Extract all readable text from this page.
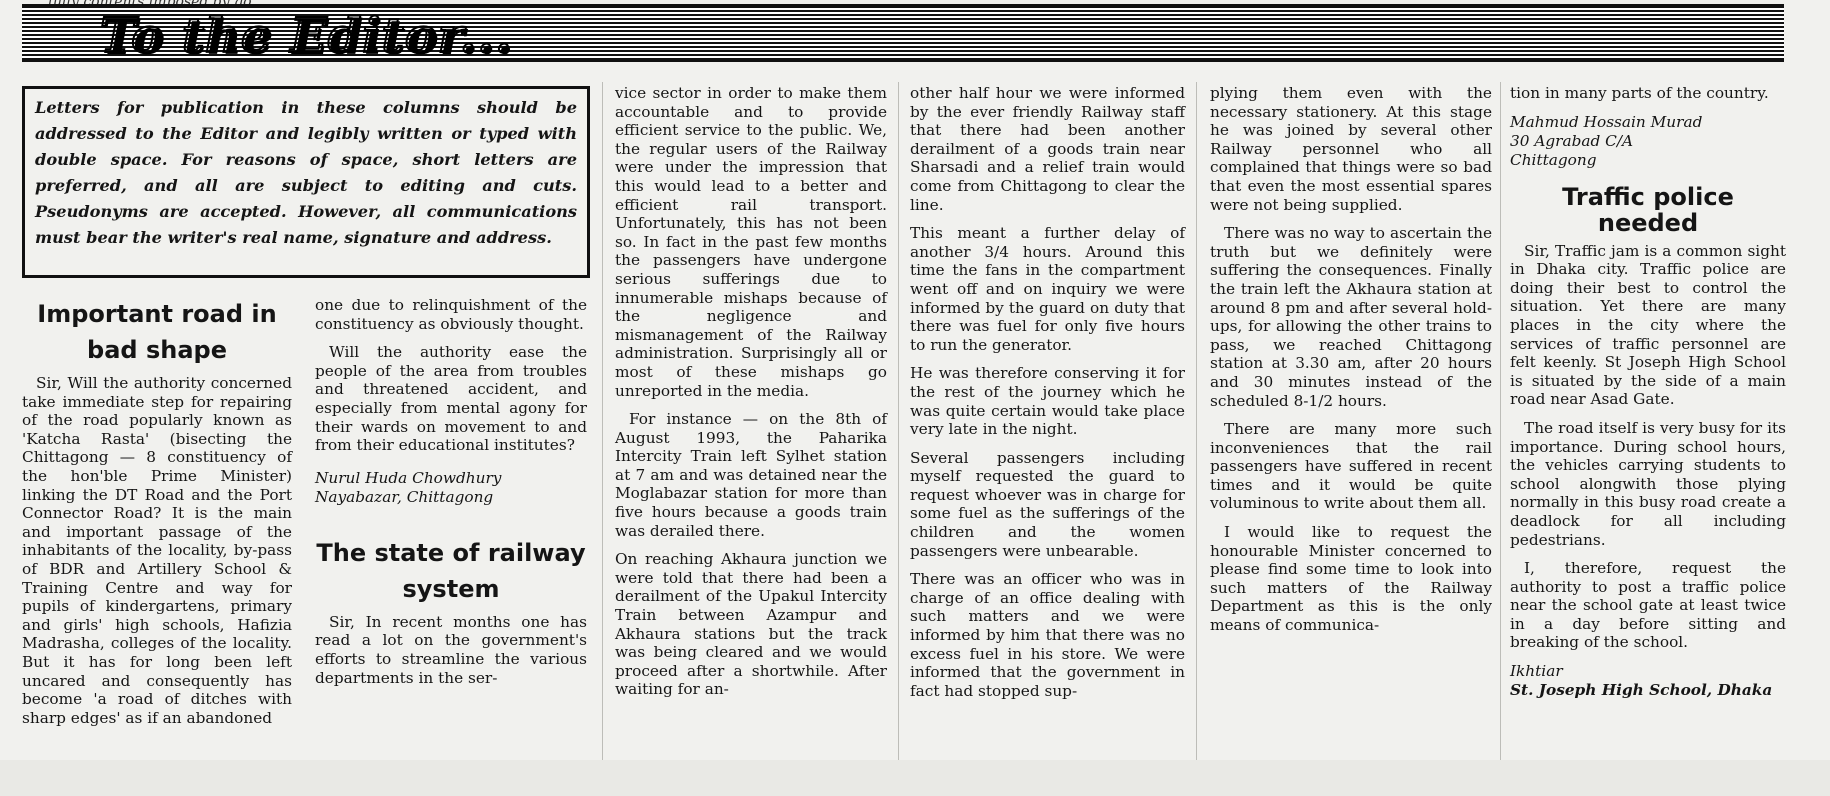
To the Editor...
Letters for publication in these columns should be addressed to the Editor and legibly written or typed with double space. For reasons of space, short letters are preferred, and all are subject to editing and cuts. Pseudonyms are accepted. However, all communications must bear the writer's real name, signature and address.
Important road in bad shape

Sir, Will the authority concerned take immediate step for repairing of the road popularly known as 'Katcha Rasta' (bisecting the Chittagong — 8 constituency of the hon'ble Prime Minister) linking the DT Road and the Port Connector Road? It is the main and important passage of the inhabitants of the locality, by-pass of BDR and Artillery School & Training Centre and way for pupils of kindergartens, primary and girls' high schools, Hafizia Madrasha, colleges of the locality. But it has for long been left uncared and consequently has become 'a road of ditches with sharp edges' as if an abandoned

one due to relinquishment of the constituency as obviously thought.

Will the authority ease the people of the area from troubles and threatened accident, and especially from mental agony for their wards on movement to and from their educational institutes?

Nurul Huda Chowdhury

Nayabazar, Chittagong

The state of railway system

Sir, In recent months one has read a lot on the government's efforts to streamline the various departments in the ser-

vice sector in order to make them accountable and to provide efficient service to the public. We, the regular users of the Railway were under the impression that this would lead to a better and efficient rail transport. Unfortunately, this has not been so. In fact in the past few months the passengers have undergone serious sufferings due to innumerable mishaps because of the negligence and mismanagement of the Railway administration. Surprisingly all or most of these mishaps go unreported in the media.

For instance — on the 8th of August 1993, the Paharika Intercity Train left Sylhet station at 7 am and was detained near the Moglabazar station for more than five hours because a goods train was derailed there.

On reaching Akhaura junction we were told that there had been a derailment of the Upakul Intercity Train between Azampur and Akhaura stations but the track was being cleared and we would proceed after a shortwhile. After waiting for an-

other half hour we were informed by the ever friendly Railway staff that there had been another derailment of a goods train near Sharsadi and a relief train would come from Chittagong to clear the line.

This meant a further delay of another 3/4 hours. Around this time the fans in the compartment went off and on inquiry we were informed by the guard on duty that there was fuel for only five hours to run the generator.

He was therefore conserving it for the rest of the journey which he was quite certain would take place very late in the night.

Several passengers including myself requested the guard to request whoever was in charge for some fuel as the sufferings of the children and the women passengers were unbearable.

There was an officer who was in charge of an office dealing with such matters and we were informed by him that there was no excess fuel in his store. We were informed that the government in fact had stopped sup-

plying them even with the necessary stationery. At this stage he was joined by several other Railway personnel who all complained that things were so bad that even the most essential spares were not being supplied.

There was no way to ascertain the truth but we definitely were suffering the consequences. Finally the train left the Akhaura station at around 8 pm and after several hold-ups, for allowing the other trains to pass, we reached Chittagong station at 3.30 am, after 20 hours and 30 minutes instead of the scheduled 8-1/2 hours.

There are many more such inconveniences that the rail passengers have suffered in recent times and it would be quite voluminous to write about them all.

I would like to request the honourable Minister concerned to please find some time to look into such matters of the Railway Department as this is the only means of communica-

tion in many parts of the country.

Mahmud Hossain Murad

30 Agrabad C/A

Chittagong

Traffic police needed

Sir, Traffic jam is a common sight in Dhaka city. Traffic police are doing their best to control the situation. Yet there are many places in the city where the services of traffic personnel are felt keenly. St Joseph High School is situated by the side of a main road near Asad Gate.

The road itself is very busy for its importance. During school hours, the vehicles carrying students to school alongwith those plying normally in this busy road create a deadlock for all including pedestrians.

I, therefore, request the authority to post a traffic police near the school gate at least twice in a day before sitting and breaking of the school.

Ikhtiar

St. Joseph High School, Dhaka
